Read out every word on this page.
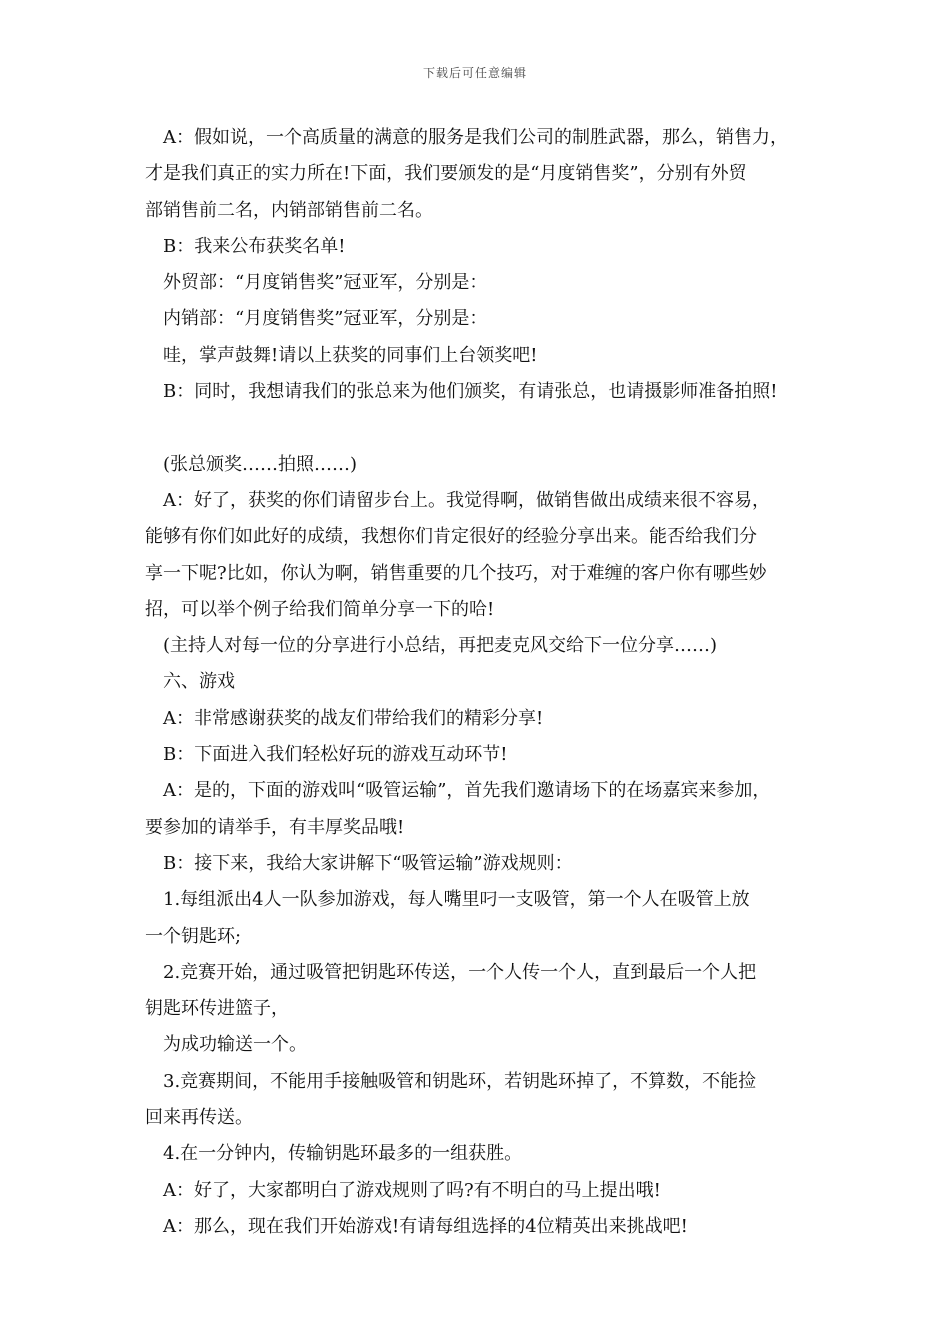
下载后可任意编辑
A：假如说，一个高质量的满意的服务是我们公司的制胜武器，那么，销售力，
才是我们真正的实力所在!下面，我们要颁发的是“月度销售奖”，分别有外贸
部销售前二名，内销部销售前二名。
B：我来公布获奖名单!
外贸部：“月度销售奖”冠亚军，分别是：
内销部：“月度销售奖”冠亚军，分别是：
哇，掌声鼓舞!请以上获奖的同事们上台领奖吧!
B：同时，我想请我们的张总来为他们颁奖，有请张总，也请摄影师准备拍照!
(张总颁奖……拍照……)
A：好了，获奖的你们请留步台上。我觉得啊，做销售做出成绩来很不容易，
能够有你们如此好的成绩，我想你们肯定很好的经验分享出来。能否给我们分
享一下呢?比如，你认为啊，销售重要的几个技巧，对于难缠的客户你有哪些妙
招，可以举个例子给我们简单分享一下的哈!
(主持人对每一位的分享进行小总结，再把麦克风交给下一位分享……)
六、游戏
A：非常感谢获奖的战友们带给我们的精彩分享!
B：下面进入我们轻松好玩的游戏互动环节!
A：是的，下面的游戏叫“吸管运输”，首先我们邀请场下的在场嘉宾来参加，
要参加的请举手，有丰厚奖品哦!
B：接下来，我给大家讲解下“吸管运输”游戏规则：
1.每组派出4人一队参加游戏，每人嘴里叼一支吸管，第一个人在吸管上放
一个钥匙环;
2.竞赛开始，通过吸管把钥匙环传送，一个人传一个人，直到最后一个人把
钥匙环传进篮子，
为成功输送一个。
3.竞赛期间，不能用手接触吸管和钥匙环，若钥匙环掉了，不算数，不能捡
回来再传送。
4.在一分钟内，传输钥匙环最多的一组获胜。
A：好了，大家都明白了游戏规则了吗?有不明白的马上提出哦!
A：那么，现在我们开始游戏!有请每组选择的4位精英出来挑战吧!
